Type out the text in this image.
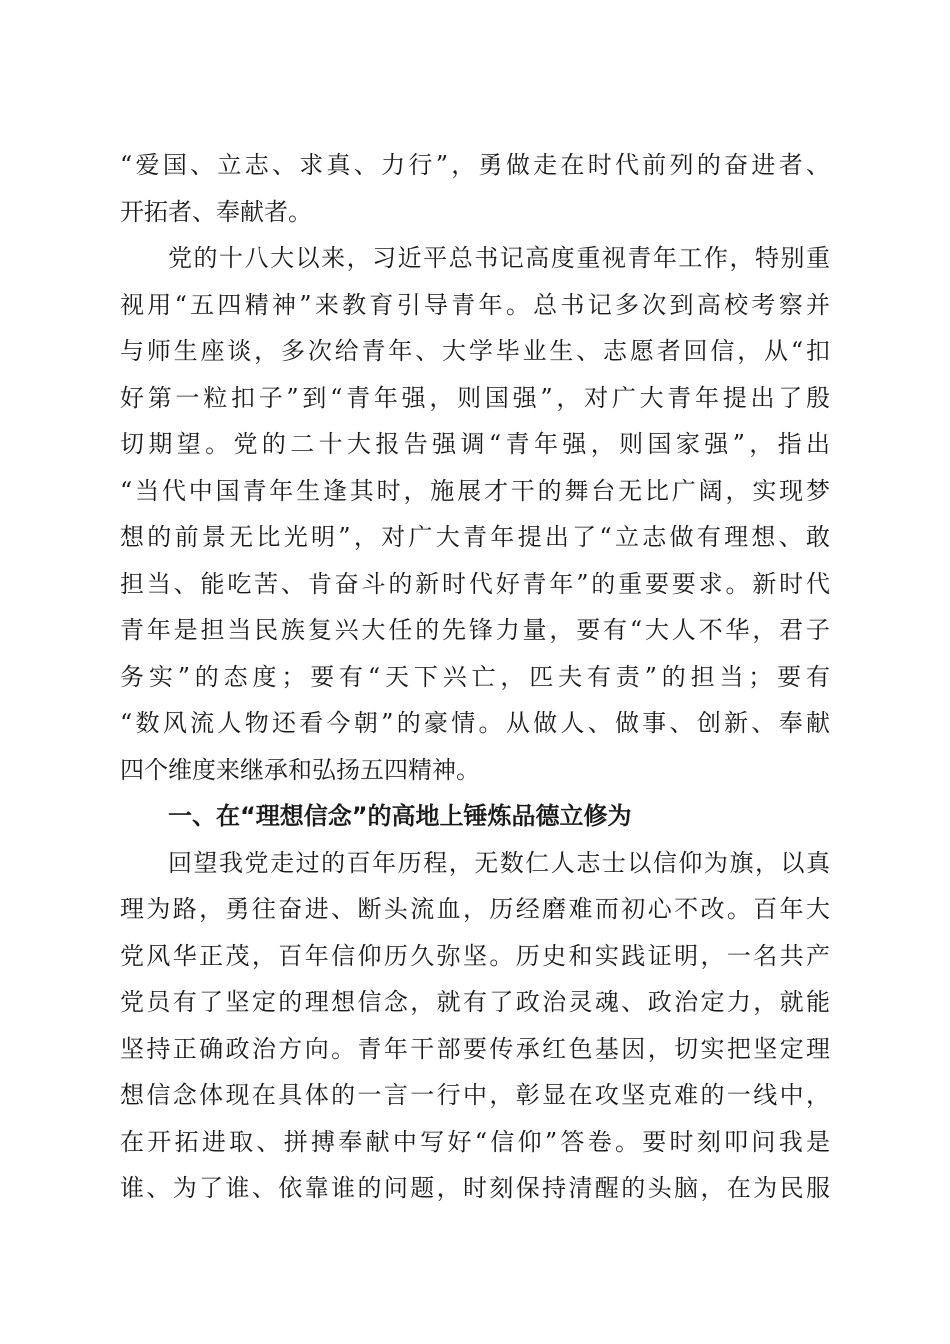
“爱国、立志、求真、力行”，勇做走在时代前列的奋进者、
开拓者、奉献者。
党的十八大以来，习近平总书记高度重视青年工作，特别重
视用“五四精神”来教育引导青年。总书记多次到高校考察并
与师生座谈，多次给青年、大学毕业生、志愿者回信，从“扣
好第一粒扣子”到“青年强，则国强”，对广大青年提出了殷
切期望。党的二十大报告强调“青年强，则国家强”，指出
“当代中国青年生逢其时，施展才干的舞台无比广阔，实现梦
想的前景无比光明”，对广大青年提出了“立志做有理想、敢
担当、能吃苦、肯奋斗的新时代好青年”的重要要求。新时代
青年是担当民族复兴大任的先锋力量，要有“大人不华，君子
务实”的态度；要有“天下兴亡，匹夫有责”的担当；要有
“数风流人物还看今朝”的豪情。从做人、做事、创新、奉献
四个维度来继承和弘扬五四精神。
一、在“理想信念”的高地上锤炼品德立修为
回望我党走过的百年历程，无数仁人志士以信仰为旗，以真
理为路，勇往奋进、断头流血，历经磨难而初心不改。百年大
党风华正茂，百年信仰历久弥坚。历史和实践证明，一名共产
党员有了坚定的理想信念，就有了政治灵魂、政治定力，就能
坚持正确政治方向。青年干部要传承红色基因，切实把坚定理
想信念体现在具体的一言一行中，彰显在攻坚克难的一线中，
在开拓进取、拼搏奉献中写好“信仰”答卷。要时刻叩问我是
谁、为了谁、依靠谁的问题，时刻保持清醒的头脑，在为民服
